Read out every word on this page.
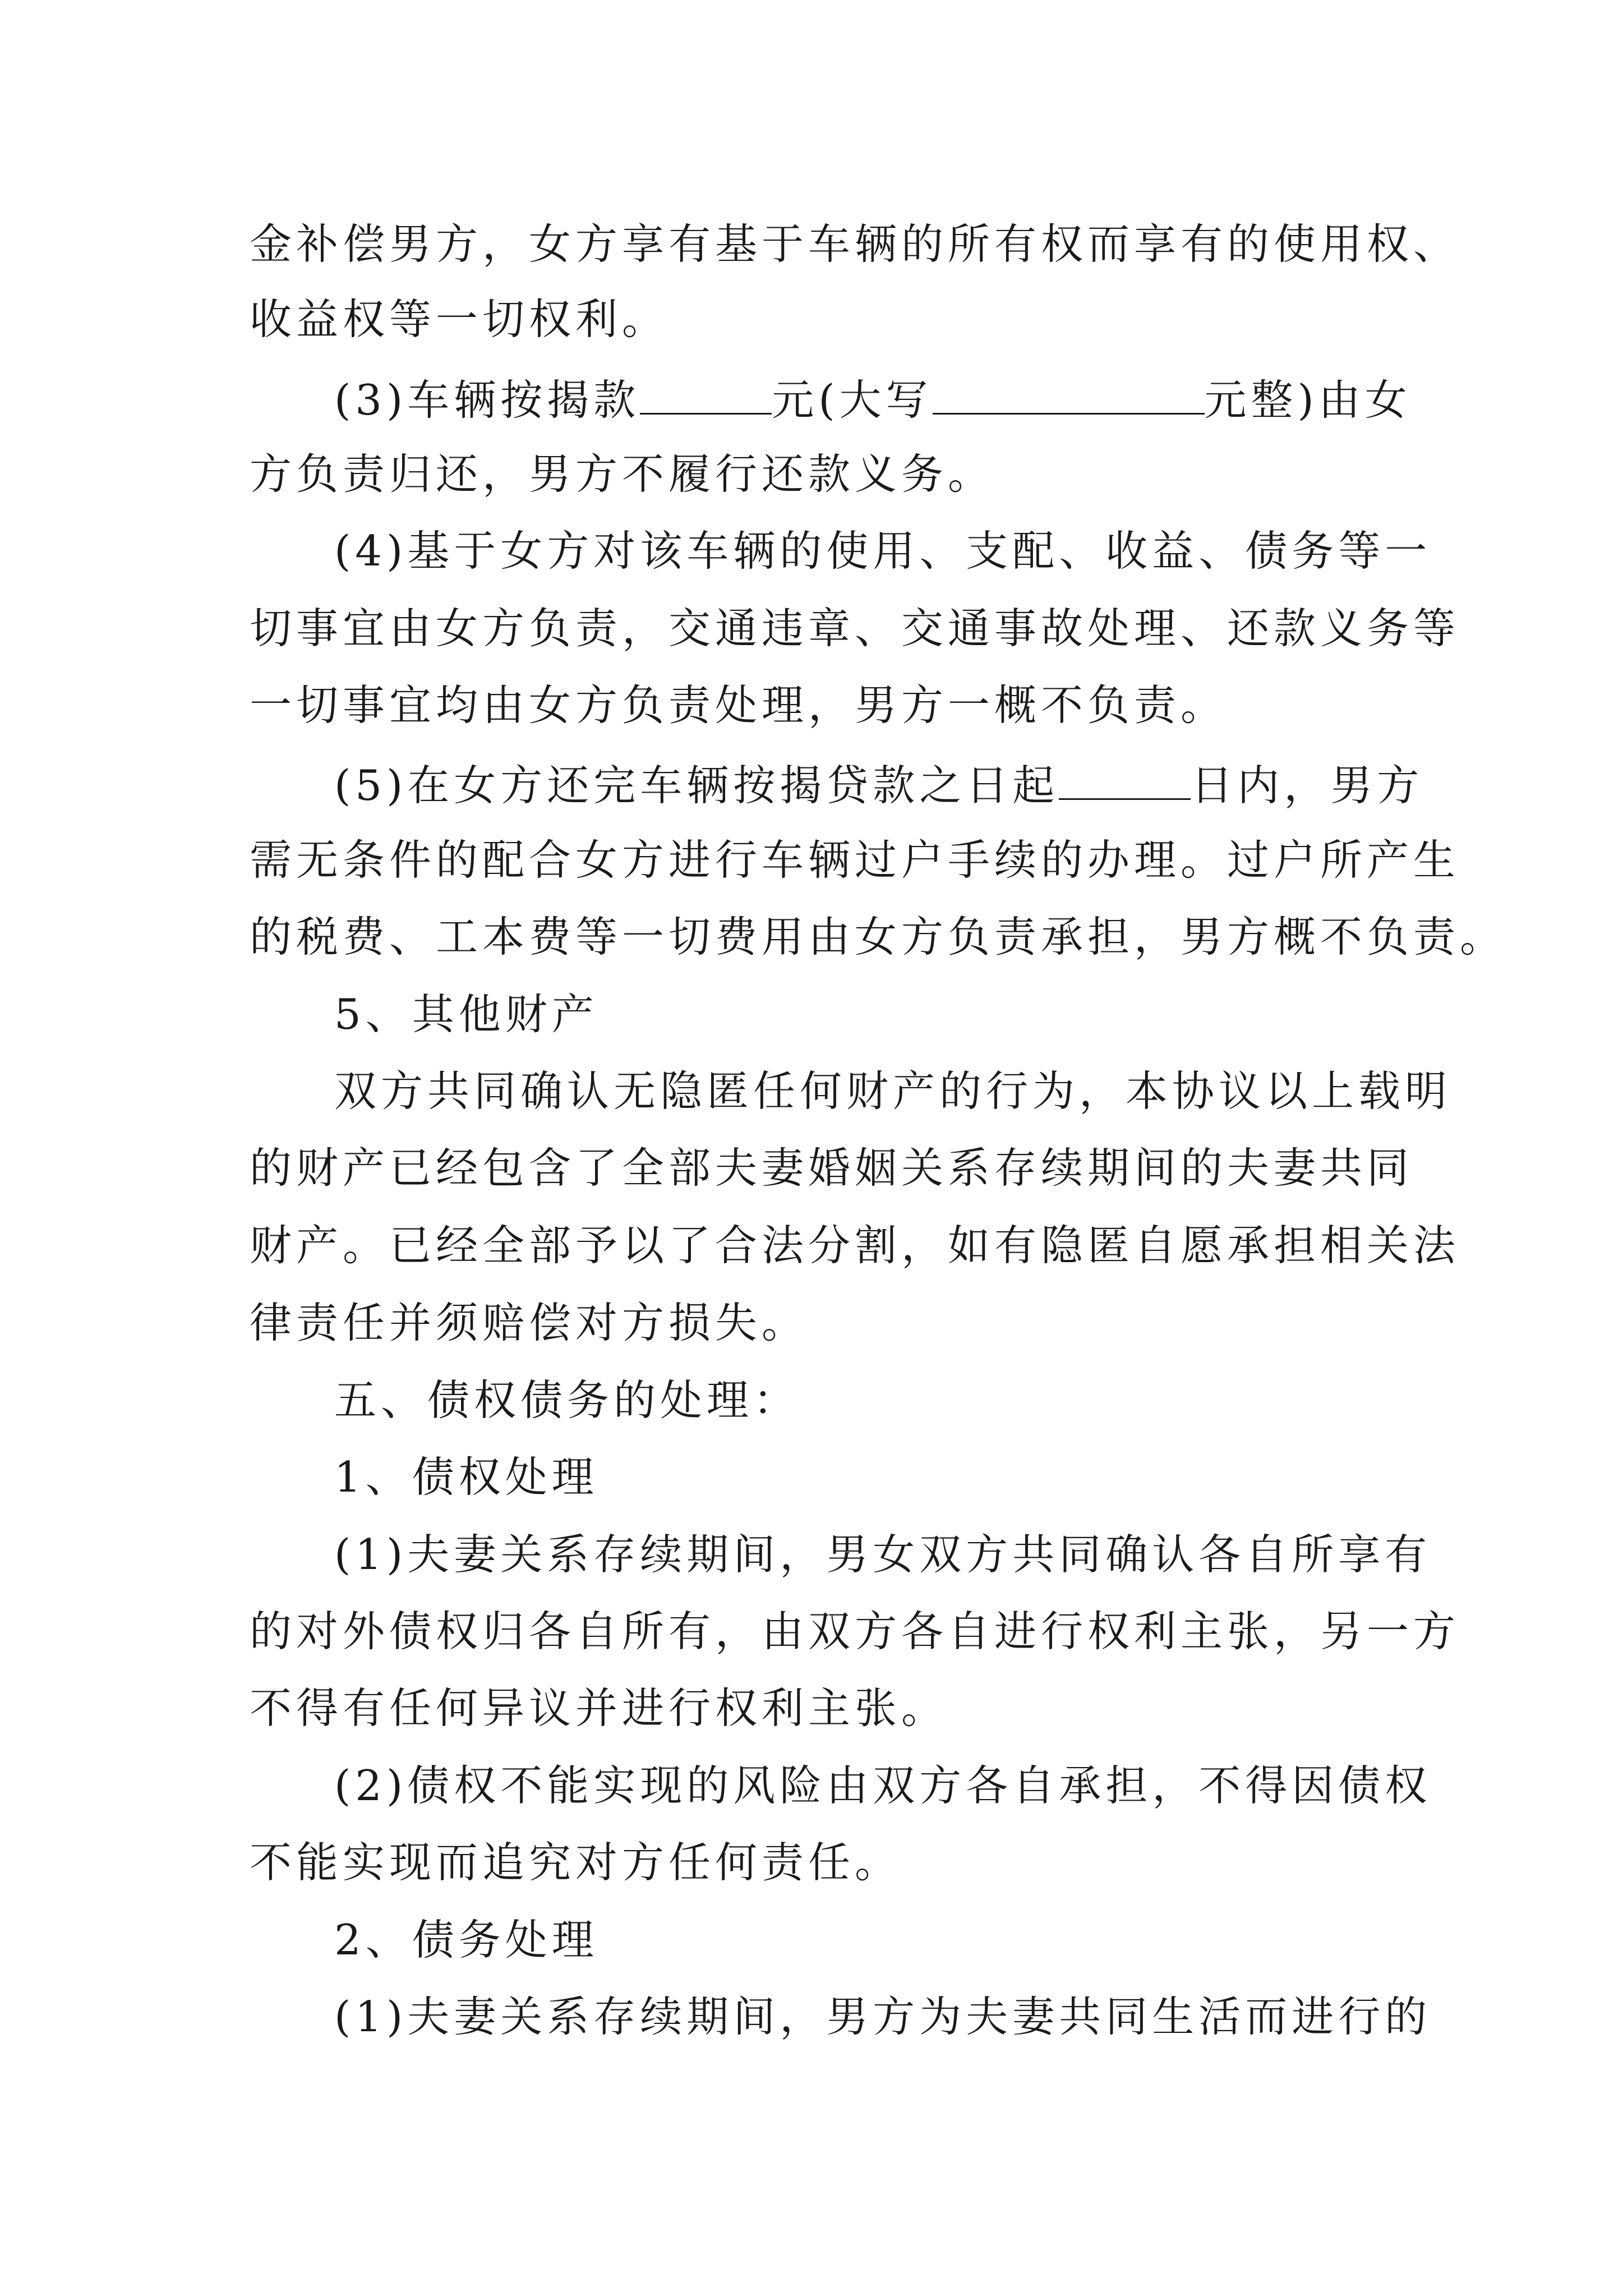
金补偿男方，女方享有基于车辆的所有权而享有的使用权、

收益权等一切权利。

(3)车辆按揭款	元(大写	元整)由女

方负责归还，男方不履行还款义务。

(4)基于女方对该车辆的使用、支配、收益、债务等一

切事宜由女方负责，交通违章、交通事故处理、还款义务等

一切事宜均由女方负责处理，男方一概不负责。

(5)在女方还完车辆按揭贷款之日起	日内，男方

需无条件的配合女方进行车辆过户手续的办理。过户所产生

的税费、工本费等一切费用由女方负责承担，男方概不负责。

5、其他财产

双方共同确认无隐匿任何财产的行为，本协议以上载明

的财产已经包含了全部夫妻婚姻关系存续期间的夫妻共同

财产。已经全部予以了合法分割，如有隐匿自愿承担相关法

律责任并须赔偿对方损失。

五、债权债务的处理：

1、债权处理

(1)夫妻关系存续期间，男女双方共同确认各自所享有

的对外债权归各自所有，由双方各自进行权利主张，另一方

不得有任何异议并进行权利主张。

(2)债权不能实现的风险由双方各自承担，不得因债权

不能实现而追究对方任何责任。

2、债务处理

(1)夫妻关系存续期间，男方为夫妻共同生活而进行的
